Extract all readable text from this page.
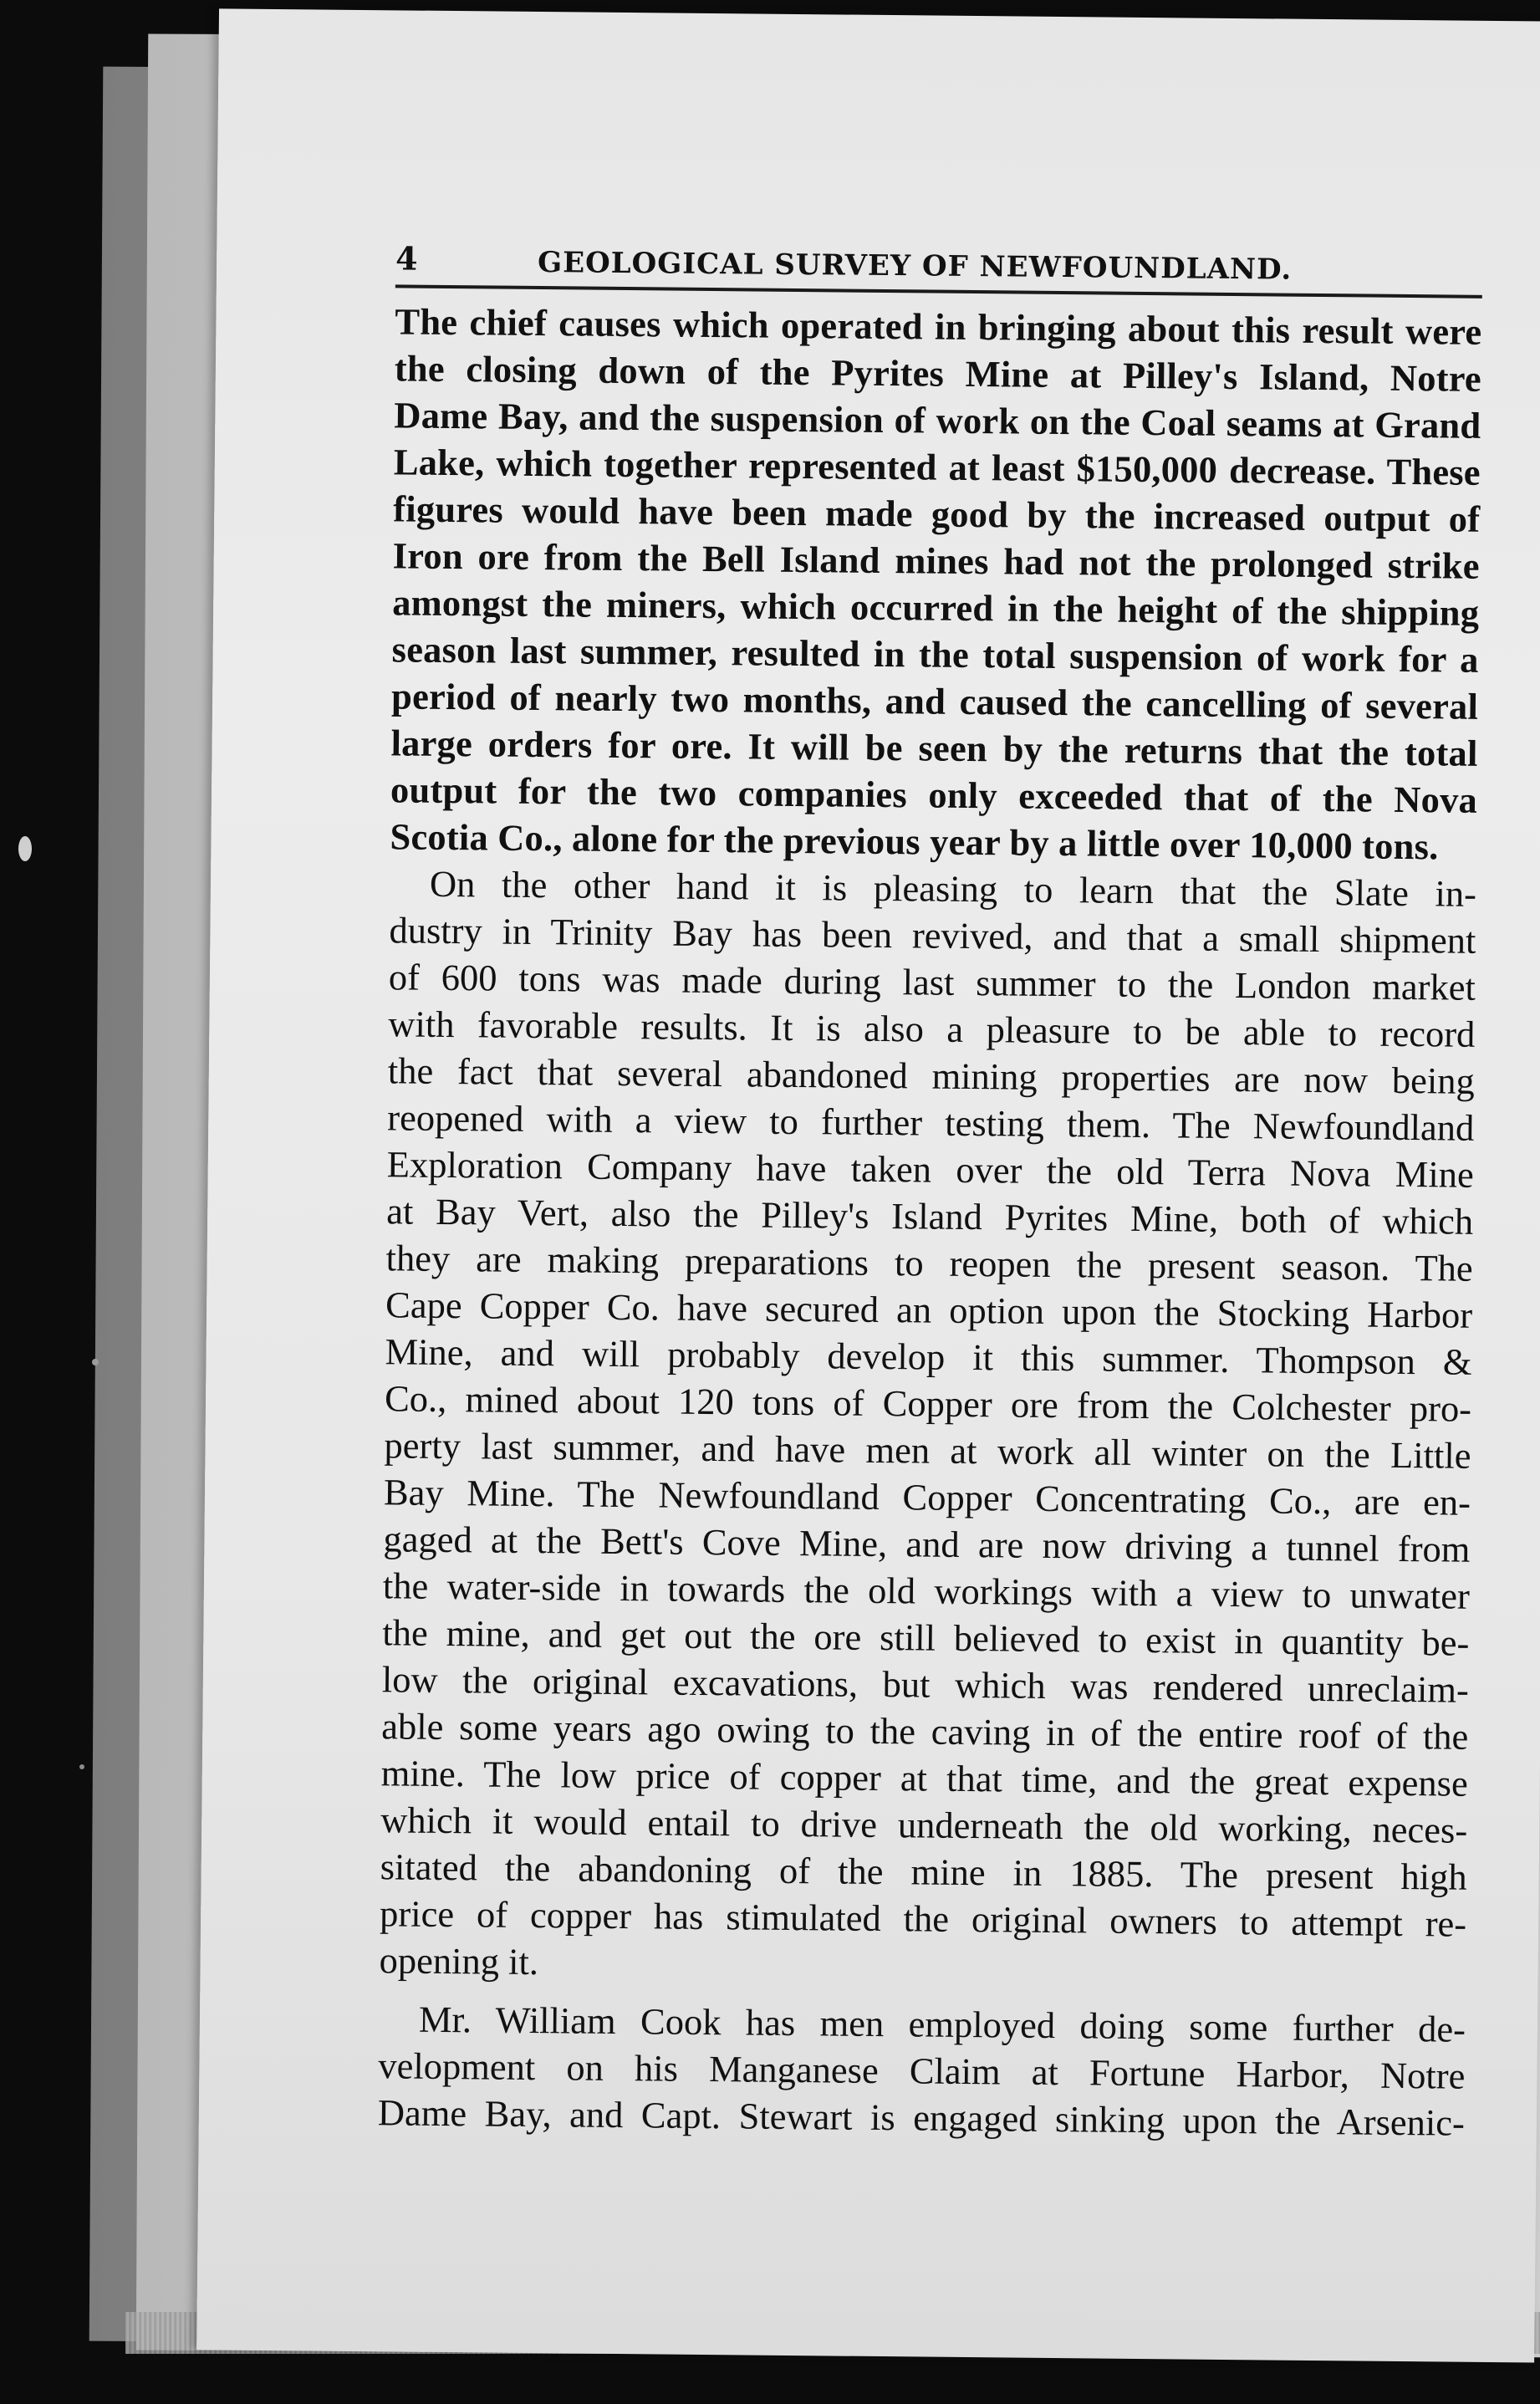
4	GEOLOGICAL SURVEY OF NEWFOUNDLAND.

The chief causes which operated in bringing about this result were
the closing down of the Pyrites Mine at Pilley's Island, Notre
Dame Bay, and the suspension of work on the Coal seams at Grand
Lake, which together represented at least $150,000 decrease. These
figures would have been made good by the increased output of
Iron ore from the Bell Island mines had not the prolonged strike
amongst the miners, which occurred in the height of the shipping
season last summer, resulted in the total suspension of work for a
period of nearly two months, and caused the cancelling of several
large orders for ore. It will be seen by the returns that the total
output for the two companies only exceeded that of the Nova
Scotia Co., alone for the previous year by a little over 10,000 tons.

On the other hand it is pleasing to learn that the Slate in-
dustry in Trinity Bay has been revived, and that a small shipment
of 600 tons was made during last summer to the London market
with favorable results. It is also a pleasure to be able to record
the fact that several abandoned mining properties are now being
reopened with a view to further testing them. The Newfoundland
Exploration Company have taken over the old Terra Nova Mine
at Bay Vert, also the Pilley's Island Pyrites Mine, both of which
they are making preparations to reopen the present season. The
Cape Copper Co. have secured an option upon the Stocking Harbor
Mine, and will probably develop it this summer. Thompson &
Co., mined about 120 tons of Copper ore from the Colchester pro-
perty last summer, and have men at work all winter on the Little
Bay Mine. The Newfoundland Copper Concentrating Co., are en-
gaged at the Bett's Cove Mine, and are now driving a tunnel from
the water-side in towards the old workings with a view to unwater
the mine, and get out the ore still believed to exist in quantity be-
low the original excavations, but which was rendered unreclaim-
able some years ago owing to the caving in of the entire roof of the
mine. The low price of copper at that time, and the great expense
which it would entail to drive underneath the old working, neces-
sitated the abandoning of the mine in 1885. The present high
price of copper has stimulated the original owners to attempt re-
opening it.

Mr. William Cook has men employed doing some further de-
velopment on his Manganese Claim at Fortune Harbor, Notre
Dame Bay, and Capt. Stewart is engaged sinking upon the Arsenic-
